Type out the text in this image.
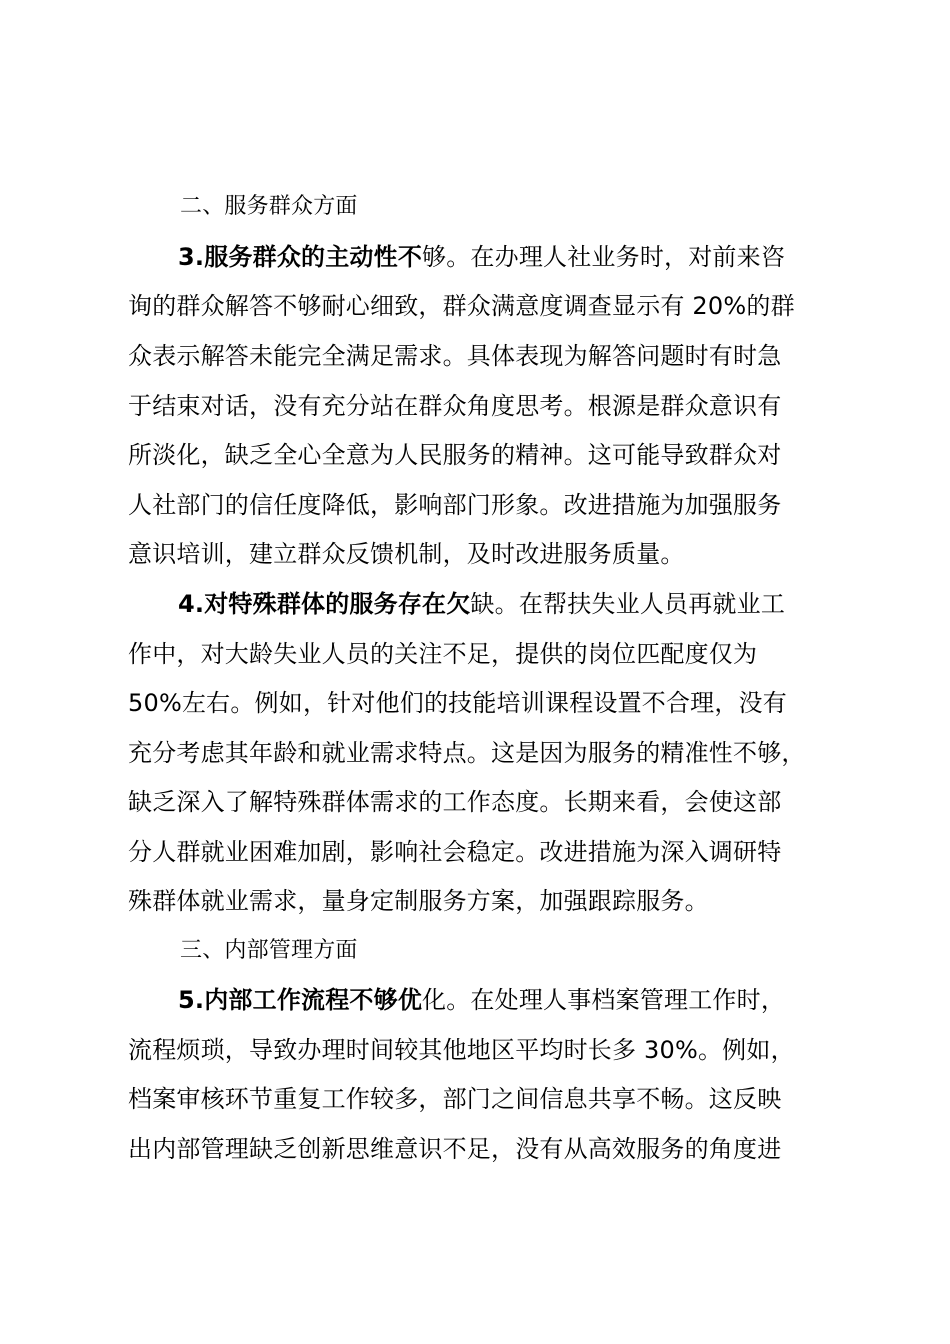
二、服务群众方面
3.服务群众的主动性不够。在办理人社业务时，对前来咨
询的群众解答不够耐心细致，群众满意度调查显示有 20%的群
众表示解答未能完全满足需求。具体表现为解答问题时有时急
于结束对话，没有充分站在群众角度思考。根源是群众意识有
所淡化，缺乏全心全意为人民服务的精神。这可能导致群众对
人社部门的信任度降低，影响部门形象。改进措施为加强服务
意识培训，建立群众反馈机制，及时改进服务质量。
4.对特殊群体的服务存在欠缺。在帮扶失业人员再就业工
作中，对大龄失业人员的关注不足，提供的岗位匹配度仅为
50%左右。例如，针对他们的技能培训课程设置不合理，没有
充分考虑其年龄和就业需求特点。这是因为服务的精准性不够，
缺乏深入了解特殊群体需求的工作态度。长期来看，会使这部
分人群就业困难加剧，影响社会稳定。改进措施为深入调研特
殊群体就业需求，量身定制服务方案，加强跟踪服务。
三、内部管理方面
5.内部工作流程不够优化。在处理人事档案管理工作时，
流程烦琐，导致办理时间较其他地区平均时长多 30%。例如，
档案审核环节重复工作较多，部门之间信息共享不畅。这反映
出内部管理缺乏创新思维意识不足，没有从高效服务的角度进
